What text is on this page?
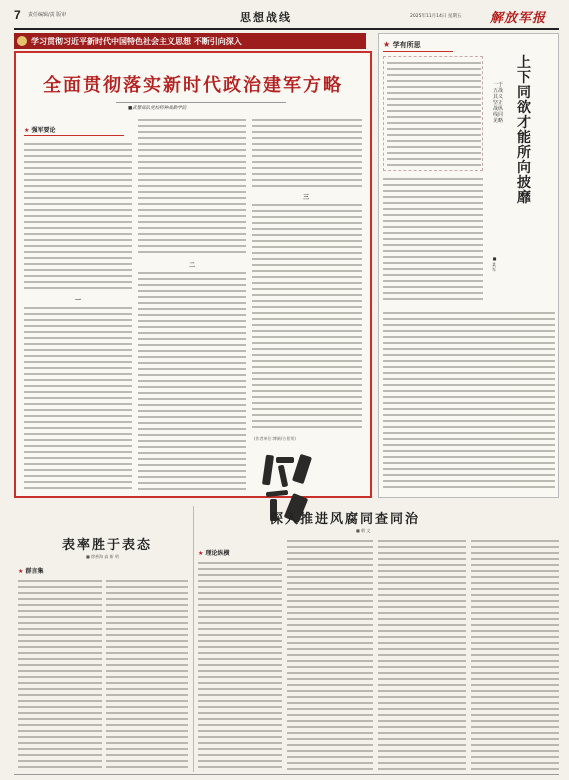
7 责任编辑/责 版审	思想战线	2025年11月14日 星期五 解放军报
学习贯彻习近平新时代中国特色社会主义思想 不断引向深入
全面贯彻落实新时代政治建军方略
■武警部队党校特种战勤学院
★ 强军要论
一
二
三
(作者单位:博新/方景荣)
★ 学有所思
上下同欲才能所向披靡
一于五战其义坚正战纵线同见略
■ 某 军
表率胜于表态
■ 徐善海 高 新 明
★ 群言集
深入推进风腐同查同治
■ 朝 文
★ 理论纵横
